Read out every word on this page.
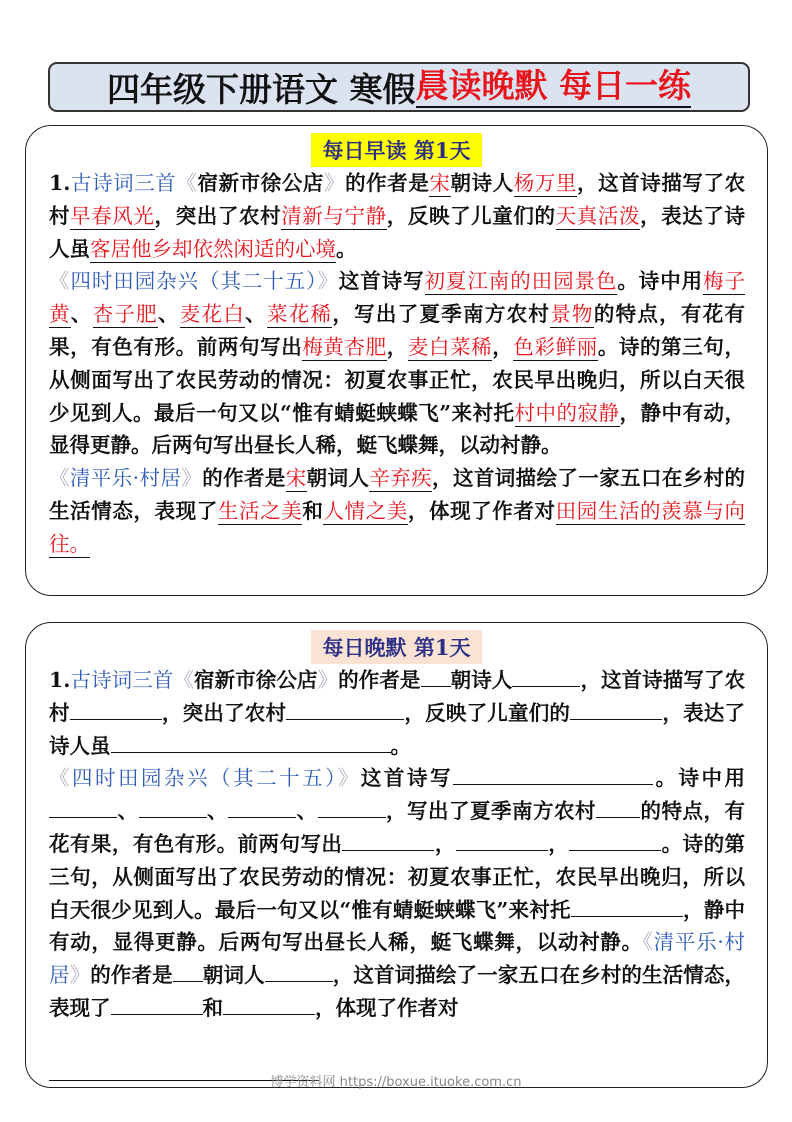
四年级下册语文 寒假 晨读晚默 每日一练
每日早读 第1天

1.古诗词三首《宿新市徐公店》的作者是宋朝诗人杨万里，这首诗描写了农村早春风光，突出了农村清新与宁静，反映了儿童们的天真活泼，表达了诗人虽客居他乡却依然闲适的心境。

《四时田园杂兴（其二十五）》这首诗写初夏江南的田园景色。诗中用梅子黄、杏子肥、麦花白、菜花稀，写出了夏季南方农村景物的特点，有花有果，有色有形。前两句写出梅黄杏肥，麦白菜稀，色彩鲜丽。诗的第三句，从侧面写出了农民劳动的情况：初夏农事正忙，农民早出晚归，所以白天很少见到人。最后一句又以“惟有蜻蜓蛱蝶飞”来衬托村中的寂静，静中有动，显得更静。后两句写出昼长人稀，蜓飞蝶舞，以动衬静。

《清平乐·村居》的作者是宋朝词人辛弃疾，这首词描绘了一家五口在乡村的生活情态，表现了生活之美和人情之美，体现了作者对田园生活的羡慕与向往。

每日晚默 第1天

1.古诗词三首《宿新市徐公店》的作者是 朝诗人	，这首诗描写了农村	，突出了农村	，反映了儿童们的	，表达了诗人虽	。

《四时田园杂兴（其二十五）》这首诗写	。诗中用、	、	、	，写出了夏季南方农村 的特点，有花有果，有色有形。前两句写出	，	，	。诗的第三句，从侧面写出了农民劳动的情况：初夏农事正忙，农民早出晚归，所以白天很少见到人。最后一句又以“惟有蜻蜓蛱蝶飞”来衬托	，静中有动，显得更静。后两句写出昼长人稀，蜓飞蝶舞，以动衬静。《清平乐·村居》的作者是 朝词人	，这首词描绘了一家五口在乡村的生活情态，表现了	和	，体现了作者对

博学资料网 https://boxue.ituoke.com.cn
